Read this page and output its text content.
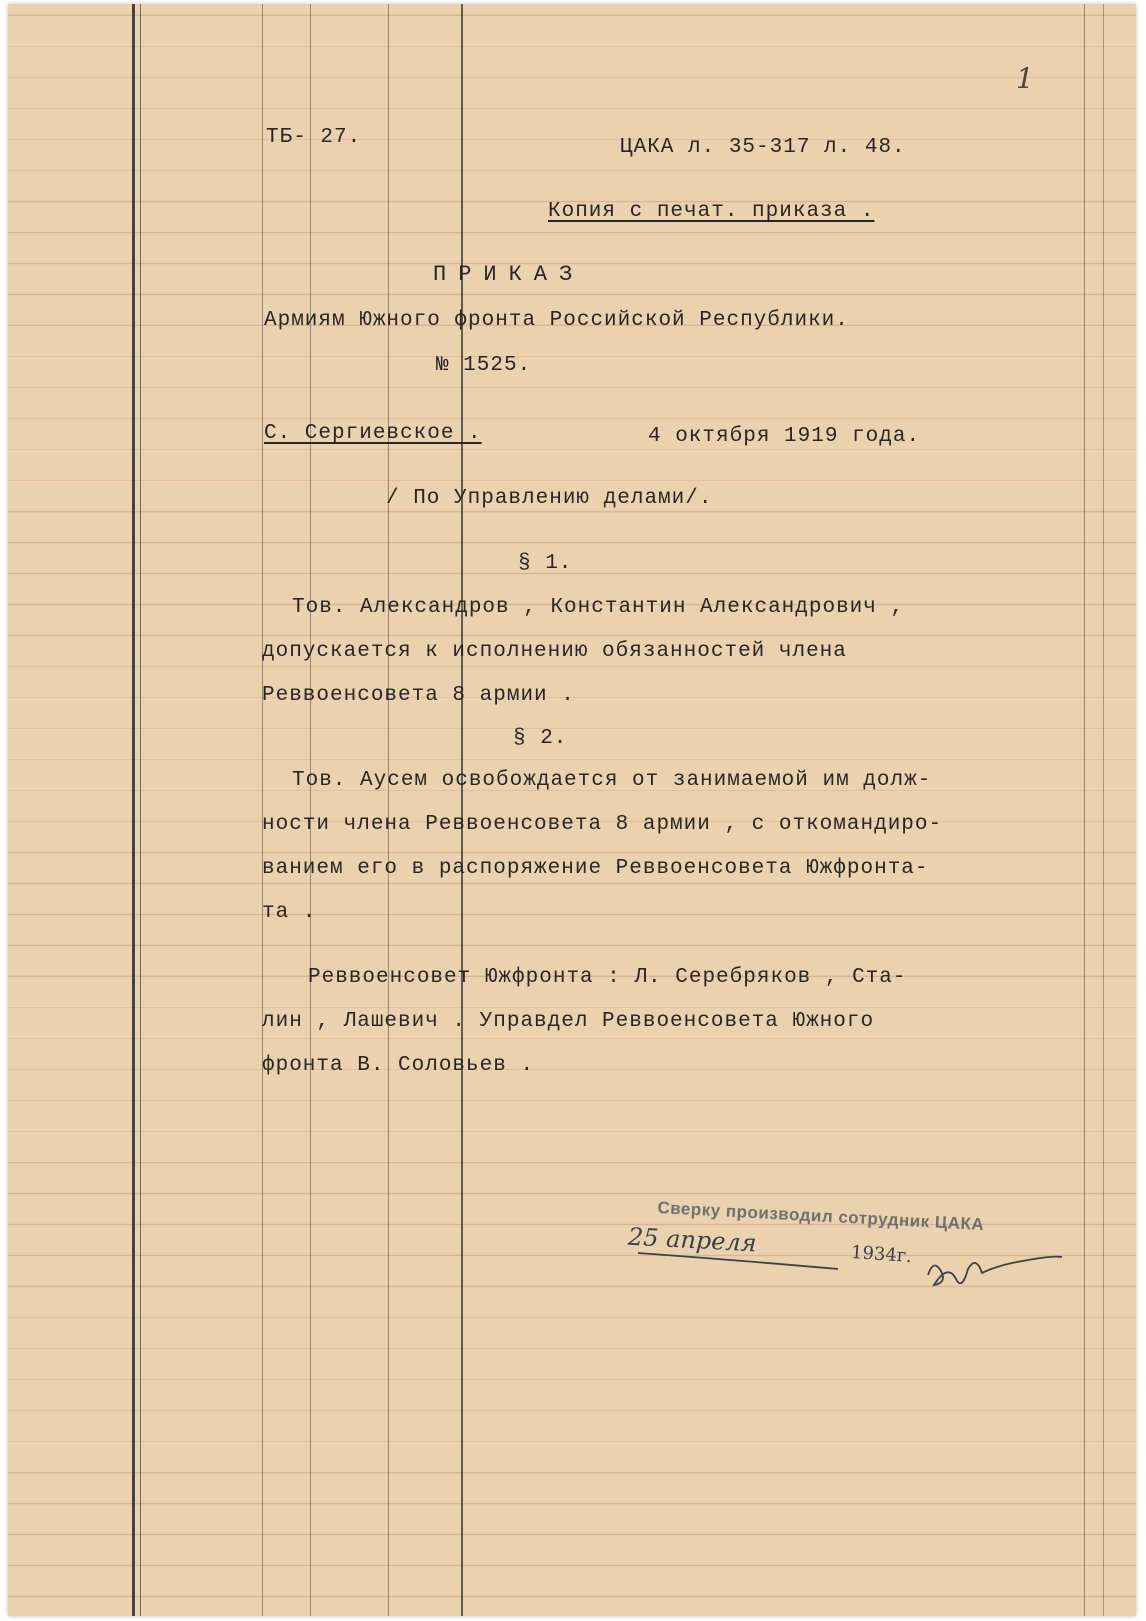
1

ТБ- 27.	ЦАКА л. 35-317 л. 48.

Копия с печат. приказа .

ПРИКАЗ

Армиям Южного фронта Российской Республики.

№ 1525.

С. Сергиевское .	4 октября 1919 года.

/ По Управлению делами/.

§ 1.

Тов. Александров , Константин Александрович ,

допускается к исполнению обязанностей члена

Реввоенсовета 8 армии .

§ 2.

Тов. Аусем освобождается от занимаемой им долж-

ности члена Реввоенсовета 8 армии , с откомандиро-

ванием его в распоряжение Реввоенсовета Южфронта-

та .

Реввоенсовет Южфронта : Л. Серебряков , Ста-

лин , Лашевич . Управдел Реввоенсовета Южного

фронта В. Соловьев .

Сверку производил сотрудник ЦАКА
25 апреля	1934г.
